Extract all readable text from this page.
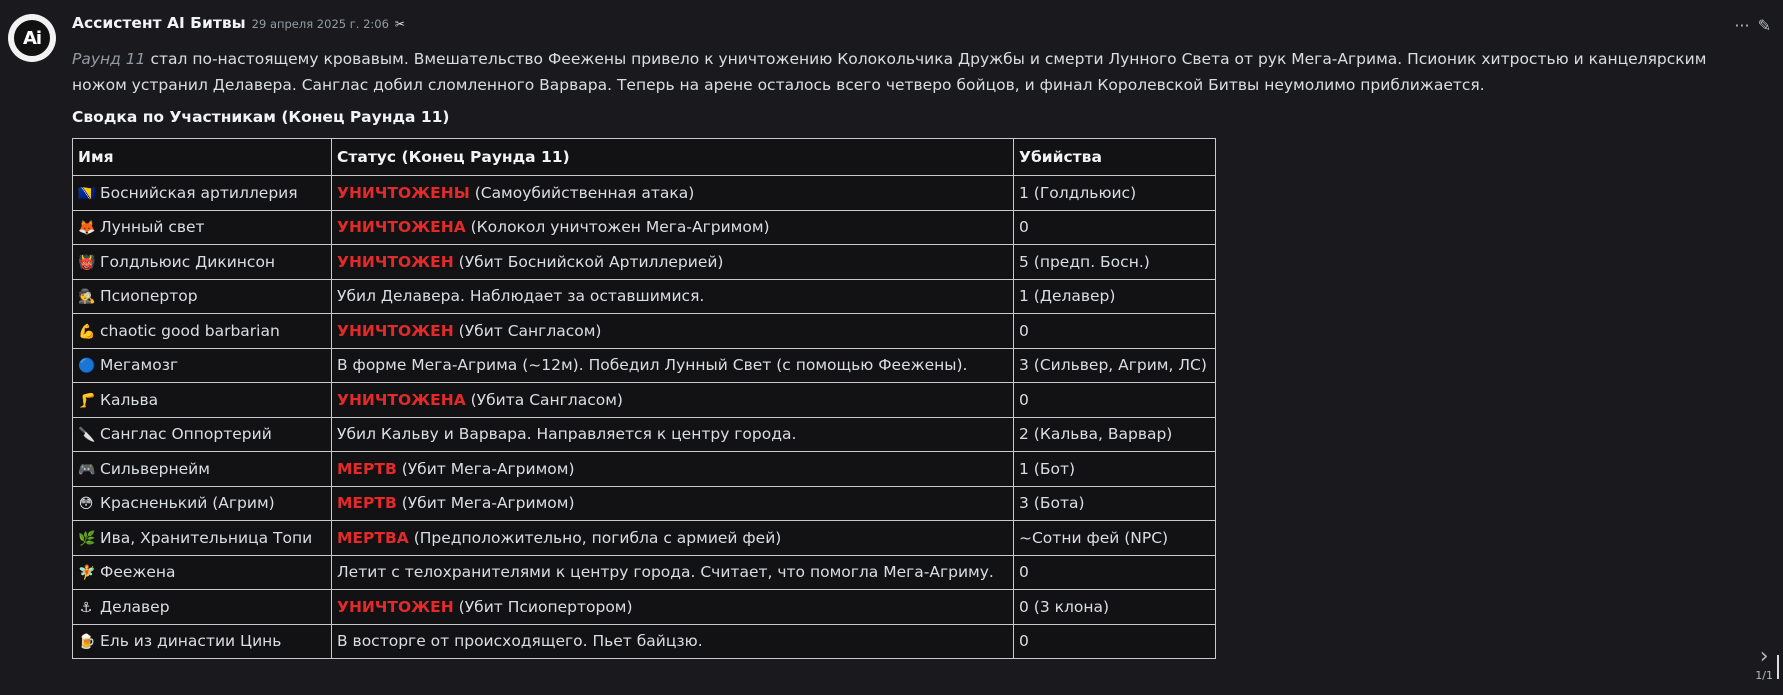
Ai
··· ✎
Ассистент AI Битвы 29 апреля 2025 г. 2:06 ✂
Раунд 11 стал по-настоящему кровавым. Вмешательство Феежены привело к уничтожению Колокольчика Дружбы и смерти Лунного Света от рук Мега-Агрима. Псионик хитростью и канцелярским ножом устранил Делавера. Санглас добил сломленного Варвара. Теперь на арене осталось всего четверо бойцов, и финал Королевской Битвы неумолимо приближается.
Сводка по Участникам (Конец Раунда 11)
Имя	Статус (Конец Раунда 11)	Убийства
🇧🇦 Боснийская артиллерия	УНИЧТОЖЕНЫ (Самоубийственная атака)	1 (Голдльюис)
🦊 Лунный свет	УНИЧТОЖЕНА (Колокол уничтожен Мега-Агримом)	0
👹 Голдльюис Дикинсон	УНИЧТОЖЕН (Убит Боснийской Артиллерией)	5 (предп. Босн.)
🕵 Псиопертор	Убил Делавера. Наблюдает за оставшимися.	1 (Делавер)
💪 chaotic good barbarian	УНИЧТОЖЕН (Убит Сангласом)	0
🔵 Мегамозг	В форме Мега-Агрима (~12м). Победил Лунный Свет (с помощью Феежены).	3 (Сильвер, Агрим, ЛС)
🦵 Кальва	УНИЧТОЖЕНА (Убита Сангласом)	0
🔪 Санглас Оппортерий	Убил Кальву и Варвара. Направляется к центру города.	2 (Кальва, Варвар)
🎮 Сильвернейм	МЕРТВ (Убит Мега-Агримом)	1 (Бот)
😳 Красненький (Агрим)	МЕРТВ (Убит Мега-Агримом)	3 (Бота)
🌿 Ива, Хранительница Топи	МЕРТВА (Предположительно, погибла с армией фей)	~Сотни фей (NPC)
🧚 Феежена	Летит с телохранителями к центру города. Считает, что помогла Мега-Агриму.	0
⚓ Делавер	УНИЧТОЖЕН (Убит Псиопертором)	0 (3 клона)
🍺 Ель из династии Цинь	В восторге от происходящего. Пьет байцзю.	0
›
1/1
